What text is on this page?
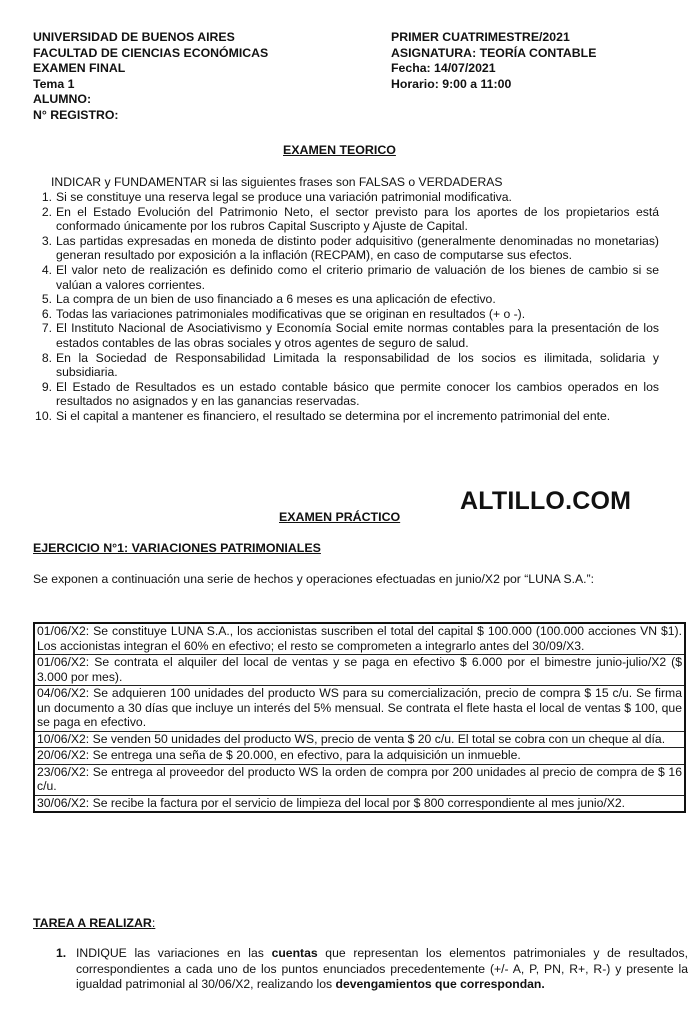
UNIVERSIDAD DE BUENOS AIRES
FACULTAD DE CIENCIAS ECONÓMICAS
EXAMEN FINAL
Tema 1
ALUMNO:
N° REGISTRO:
PRIMER CUATRIMESTRE/2021
ASIGNATURA: TEORÍA CONTABLE
Fecha: 14/07/2021
Horario: 9:00 a 11:00
EXAMEN TEORICO
INDICAR y FUNDAMENTAR si las siguientes frases son FALSAS o VERDADERAS
1. Si se constituye una reserva legal se produce una variación patrimonial modificativa.
2. En el Estado Evolución del Patrimonio Neto, el sector previsto para los aportes de los propietarios está conformado únicamente por los rubros Capital Suscripto y Ajuste de Capital.
3. Las partidas expresadas en moneda de distinto poder adquisitivo (generalmente denominadas no monetarias) generan resultado por exposición a la inflación (RECPAM), en caso de computarse sus efectos.
4. El valor neto de realización es definido como el criterio primario de valuación de los bienes de cambio si se valúan a valores corrientes.
5. La compra de un bien de uso financiado a 6 meses es una aplicación de efectivo.
6. Todas las variaciones patrimoniales modificativas que se originan en resultados (+ o -).
7. El Instituto Nacional de Asociativismo y Economía Social emite normas contables para la presentación de los estados contables de las obras sociales y otros agentes de seguro de salud.
8. En la Sociedad de Responsabilidad Limitada la responsabilidad de los socios es ilimitada, solidaria y subsidiaria.
9. El Estado de Resultados es un estado contable básico que permite conocer los cambios operados en los resultados no asignados y en las ganancias reservadas.
10. Si el capital a mantener es financiero, el resultado se determina por el incremento patrimonial del ente.
EXAMEN PRÁCTICO
ALTILLO.COM
EJERCICIO N°1: VARIACIONES PATRIMONIALES
Se exponen a continuación una serie de hechos y operaciones efectuadas en junio/X2 por “LUNA S.A.”:
01/06/X2: Se constituye LUNA S.A., los accionistas suscriben el total del capital $ 100.000 (100.000 acciones VN $1). Los accionistas integran el 60% en efectivo; el resto se comprometen a integrarlo antes del 30/09/X3.
01/06/X2: Se contrata el alquiler del local de ventas y se paga en efectivo $ 6.000 por el bimestre junio-julio/X2 ($ 3.000 por mes).
04/06/X2: Se adquieren 100 unidades del producto WS para su comercialización, precio de compra $ 15 c/u. Se firma un documento a 30 días que incluye un interés del 5% mensual. Se contrata el flete hasta el local de ventas $ 100, que se paga en efectivo.
10/06/X2: Se venden 50 unidades del producto WS, precio de venta $ 20 c/u. El total se cobra con un cheque al día.
20/06/X2: Se entrega una seña de $ 20.000, en efectivo, para la adquisición un inmueble.
23/06/X2: Se entrega al proveedor del producto WS la orden de compra por 200 unidades al precio de compra de $ 16 c/u.
30/06/X2: Se recibe la factura por el servicio de limpieza del local por $ 800 correspondiente al mes junio/X2.
TAREA A REALIZAR:
1. INDIQUE las variaciones en las cuentas que representan los elementos patrimoniales y de resultados, correspondientes a cada uno de los puntos enunciados precedentemente (+/- A, P, PN, R+, R-) y presente la igualdad patrimonial al 30/06/X2, realizando los devengamientos que correspondan.
